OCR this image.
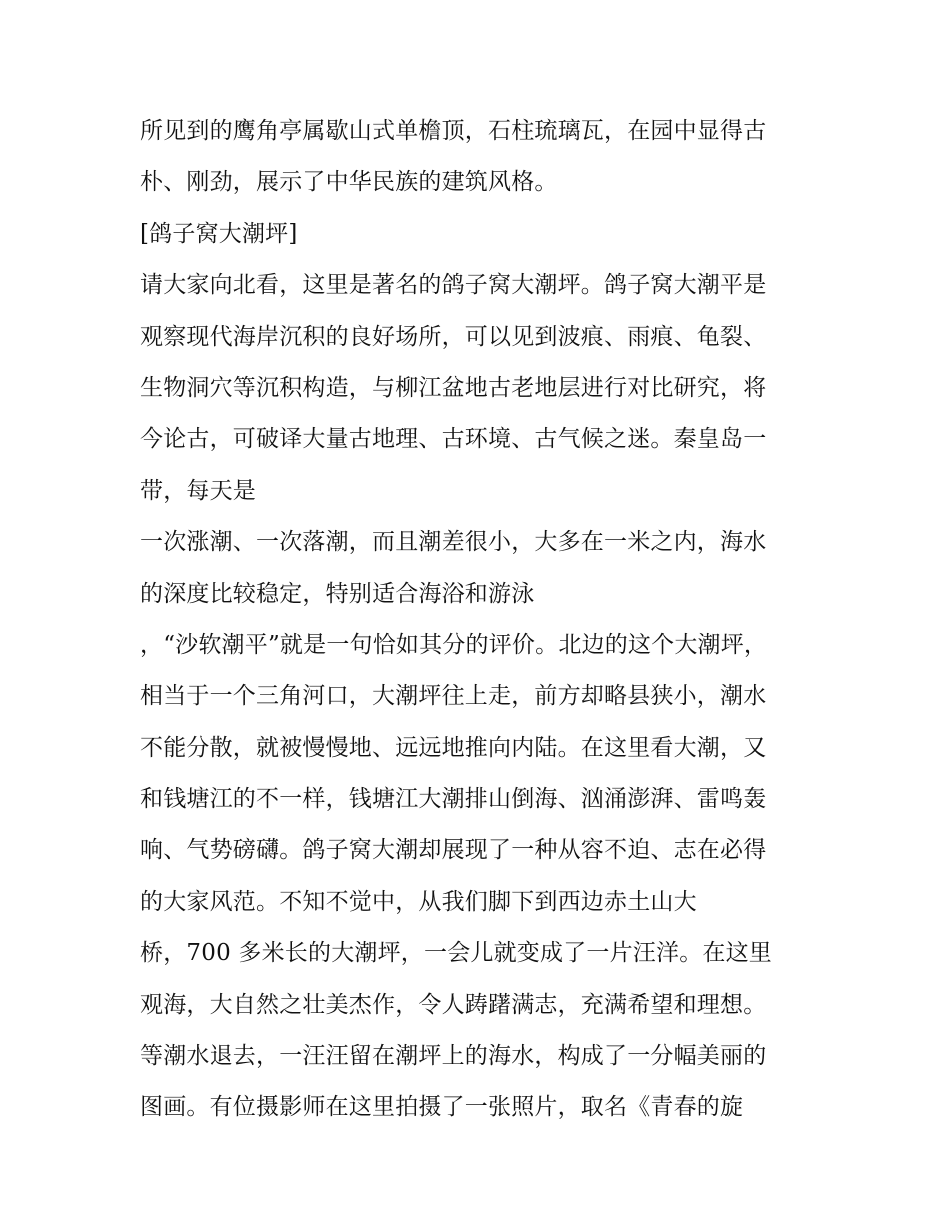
所见到的鹰角亭属歇山式单檐顶，石柱琉璃瓦，在园中显得古
朴、刚劲，展示了中华民族的建筑风格。
[鸽子窝大潮坪]
请大家向北看，这里是著名的鸽子窝大潮坪。鸽子窝大潮平是
观察现代海岸沉积的良好场所，可以见到波痕、雨痕、龟裂、
生物洞穴等沉积构造，与柳江盆地古老地层进行对比研究，将
今论古，可破译大量古地理、古环境、古气候之迷。秦皇岛一
带，每天是
一次涨潮、一次落潮，而且潮差很小，大多在一米之内，海水
的深度比较稳定，特别适合海浴和游泳
，“沙软潮平”就是一句恰如其分的评价。北边的这个大潮坪，
相当于一个三角河口，大潮坪往上走，前方却略县狭小，潮水
不能分散，就被慢慢地、远远地推向内陆。在这里看大潮，又
和钱塘江的不一样，钱塘江大潮排山倒海、汹涌澎湃、雷鸣轰
响、气势磅礴。鸽子窝大潮却展现了一种从容不迫、志在必得
的大家风范。不知不觉中，从我们脚下到西边赤土山大
桥，700 多米长的大潮坪，一会儿就变成了一片汪洋。在这里
观海，大自然之壮美杰作，令人踌躇满志，充满希望和理想。
等潮水退去，一汪汪留在潮坪上的海水，构成了一分幅美丽的
图画。有位摄影师在这里拍摄了一张照片，取名《青春的旋
